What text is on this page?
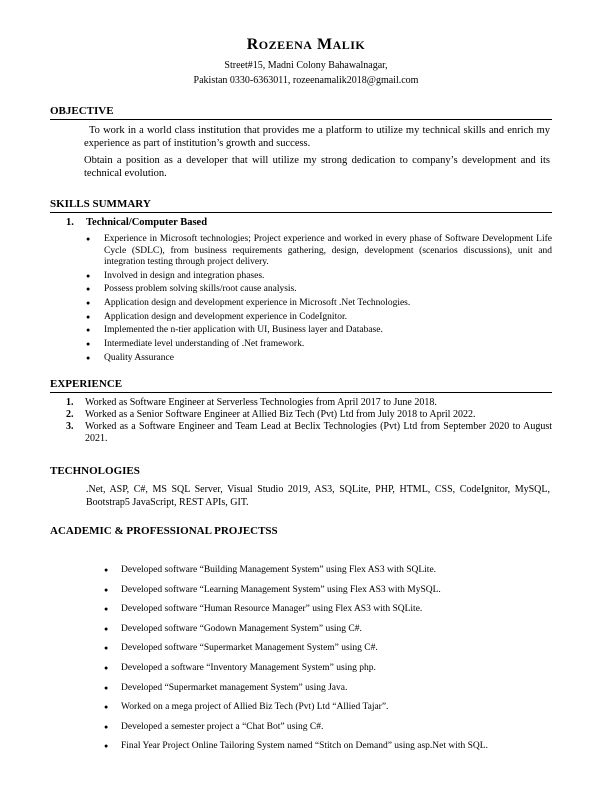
ROZEENA MALIK
Street#15, Madni Colony Bahawalnagar,
Pakistan 0330-6363011, rozeenamalik2018@gmail.com
OBJECTIVE
To work in a world class institution that provides me a platform to utilize my technical skills and enrich my experience as part of institution’s growth and success.
Obtain a position as a developer that will utilize my strong dedication to company’s development and its technical evolution.
SKILLS SUMMARY
1. Technical/Computer Based
● Experience in Microsoft technologies; Project experience and worked in every phase of Software Development Life Cycle (SDLC), from business requirements gathering, design, development (scenarios discussions), unit and integration testing through project delivery.
● Involved in design and integration phases.
● Possess problem solving skills/root cause analysis.
● Application design and development experience in Microsoft .Net Technologies.
● Application design and development experience in CodeIgnitor.
● Implemented the n-tier application with UI, Business layer and Database.
● Intermediate level understanding of .Net framework.
● Quality Assurance
EXPERIENCE
1. Worked as Software Engineer at Serverless Technologies from April 2017 to June 2018.
2. Worked as a Senior Software Engineer at Allied Biz Tech (Pvt) Ltd from July 2018 to April 2022.
3. Worked as a Software Engineer and Team Lead at Beclix Technologies (Pvt) Ltd from September 2020 to August 2021.
TECHNOLOGIES
.Net, ASP, C#, MS SQL Server, Visual Studio 2019, AS3, SQLite, PHP, HTML, CSS, CodeIgnitor, MySQL, Bootstrap5 JavaScript, REST APIs, GIT.
ACADEMIC & PROFESSIONAL PROJECTSS
● Developed software “Building Management System” using Flex AS3 with SQLite.
● Developed software “Learning Management System” using Flex AS3 with MySQL.
● Developed software “Human Resource Manager” using Flex AS3 with SQLite.
● Developed software “Godown Management System” using C#.
● Developed software “Supermarket Management System” using C#.
● Developed a software “Inventory Management System” using php.
● Developed “Supermarket management System” using Java.
● Worked on a mega project of Allied Biz Tech (Pvt) Ltd “Allied Tajar”.
● Developed a semester project a “Chat Bot” using C#.
● Final Year Project Online Tailoring System named “Stitch on Demand” using asp.Net with SQL.
